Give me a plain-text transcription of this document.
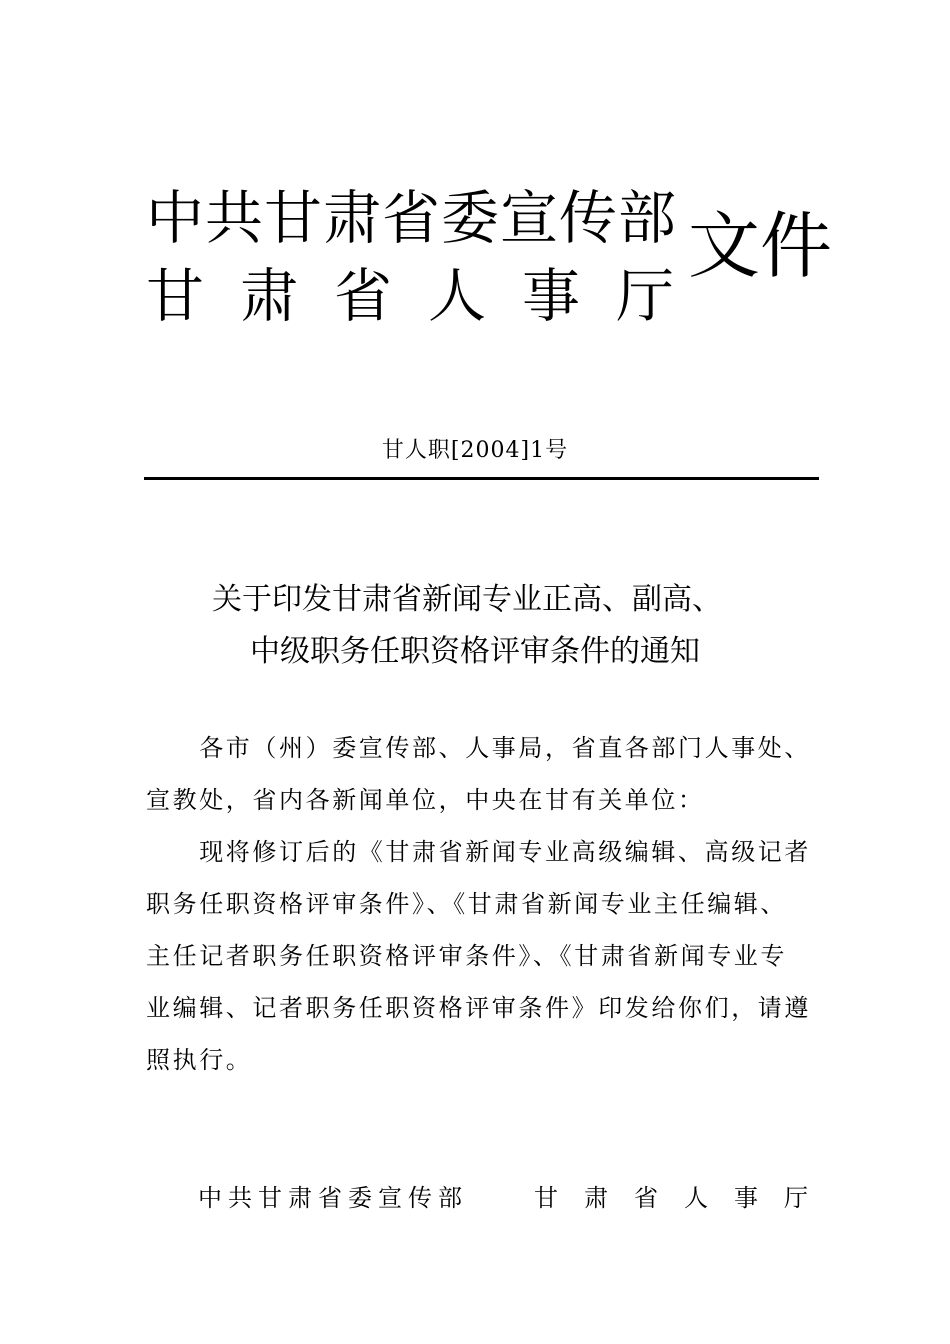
中共甘肃省委宣传部
甘肃省人事厅
文件
甘人职[2004]1号
关于印发甘肃省新闻专业正高、副高、
中级职务任职资格评审条件的通知
　　各市（州）委宣传部、人事局，省直各部门人事处、
宣教处，省内各新闻单位，中央在甘有关单位：
　　现将修订后的《甘肃省新闻专业高级编辑、高级记者
职务任职资格评审条件》、《甘肃省新闻专业主任编辑、
主任记者职务任职资格评审条件》、《甘肃省新闻专业专
业编辑、记者职务任职资格评审条件》印发给你们，请遵
照执行。
中共甘肃省委宣传部	甘肃省人事厅
